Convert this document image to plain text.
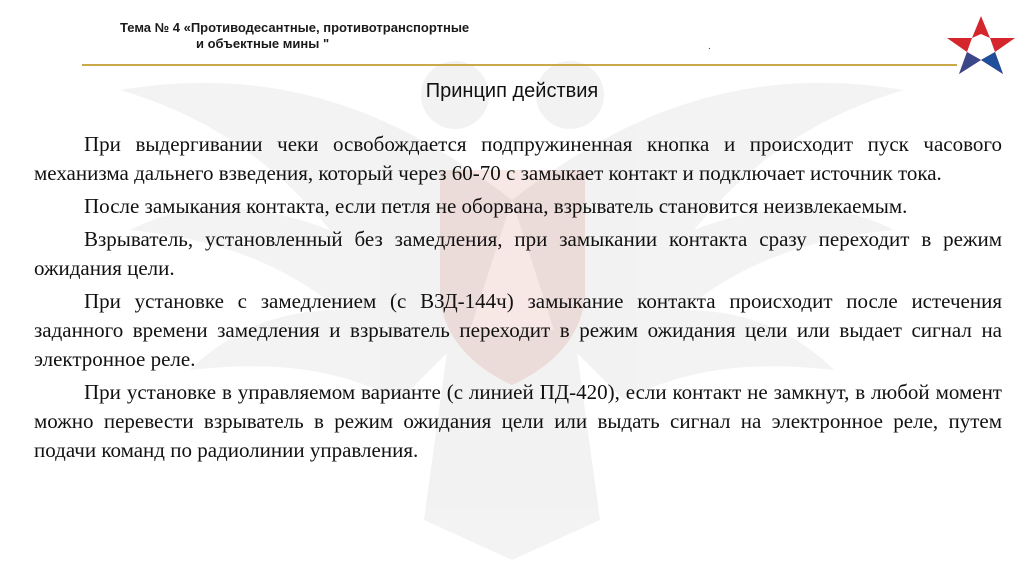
Тема № 4 «Противодесантные, противотранспортные
и объектные мины "	.
Принцип действия

При выдергивании чеки освобождается подпружиненная кнопка и происходит пуск часового механизма дальнего взведения, который через 60-70 с замыкает контакт и подключает источник тока.

После замыкания контакта, если петля не оборвана, взрыватель становится неизвлекаемым.

Взрыватель, установленный без замедления, при замыкании контакта сразу переходит в режим ожидания цели.

При установке с замедлением (с ВЗД-144ч) замыкание контакта происходит после истечения заданного времени замедления и взрыватель переходит в режим ожидания цели или выдает сигнал на электронное реле.

При установке в управляемом варианте (с линией ПД-420), если контакт не замкнут, в любой момент можно перевести взрыватель в режим ожидания цели или выдать сигнал на электронное реле, путем подачи команд по радиолинии управления.
